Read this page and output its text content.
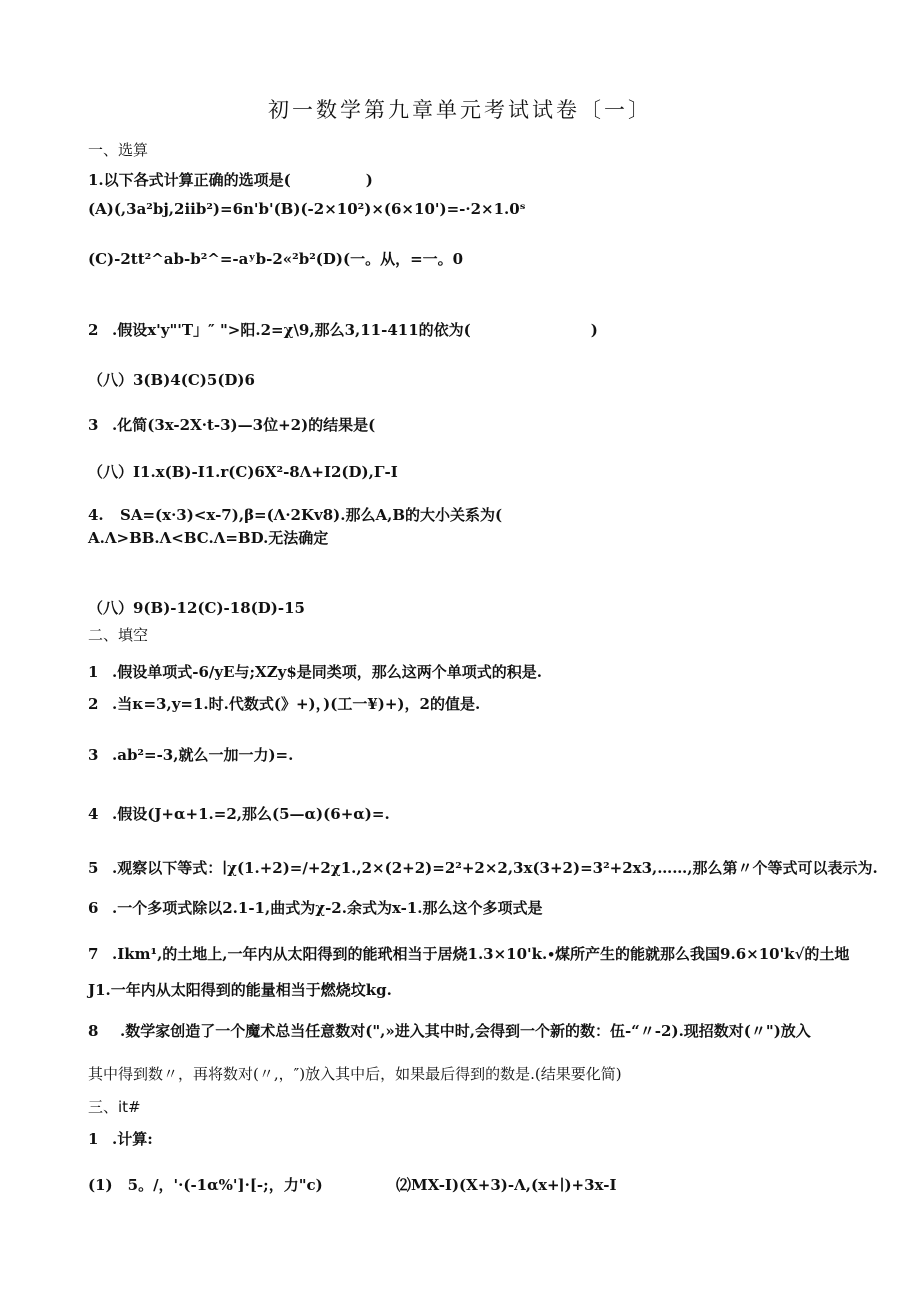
初一数学第九章单元考试试卷〔一〕
一、选算
1.以下各式计算正确的选项是(　　　　　)
(A)(,3a²bj,2iib²)=6n'b'(B)(-2×10²)×(6×10')=-·2×1.0ˢ
(C)-2tt²^ab-b²^=-aʸb-2«²b²(D)(一。从，=一。0
2 .假设x'y"'T」″ ">阳.2=χ\9,那么3,11-411的依为(　　　　　　　　)
（八）3(B)4(C)5(D)6
3 .化简(3x-2X·t-3)—3位+2)的结果是(
（八）I1.x(B)-I1.r(C)6X²-8Λ+I2(D),Γ-I
4. SA=(x·3)<x-7),β=(Λ·2Kv8).那么A,B的大小关系为(
A.Λ>BB.Λ<BC.Λ=BD.无法确定
（八）9(B)-12(C)-18(D)-15
二、填空
1 .假设单项式-6∕yE与;XZy$是同类项，那么这两个单项式的积是.
2 .当κ=3,y=1.时.代数式(》+)，)(工一¥)+)，2的值是.
3 .ab²=-3,就么一加一力)=.
4 .假设(J+α+1.=2,那么(5—α)(6+α)=.
5 .观察以下等式：∣χ(1.+2)=∕+2χ1.,2×(2+2)=2²+2×2,3x(3+2)=3²+2x3,……,那么第〃个等式可以表示为.
6 .一个多项式除以2.1-1,曲式为χ-2.余式为x-1.那么这个多项式是
7 .Ikm¹,的土地上,一年内从太阳得到的能玳相当于居烧1.3×10'k.∙煤所产生的能就那么我国9.6×10'k√的土地
J1.一年内从太阳得到的能量相当于燃烧坟kg.
8 .数学家创造了一个魔术总当任意数对(",»进入其中时,会得到一个新的数：伍-“〃-2).现招数对(〃")放入
其中得到数〃，再将数对(〃,，″)放入其中后，如果最后得到的数是.(结果要化简)
三、it#
1 .计算:
(1)　5。/，'·(-1α%']·[-;，力"c)	⑵MX-I)(X+3)-Λ,(x+∣)+3x-I
